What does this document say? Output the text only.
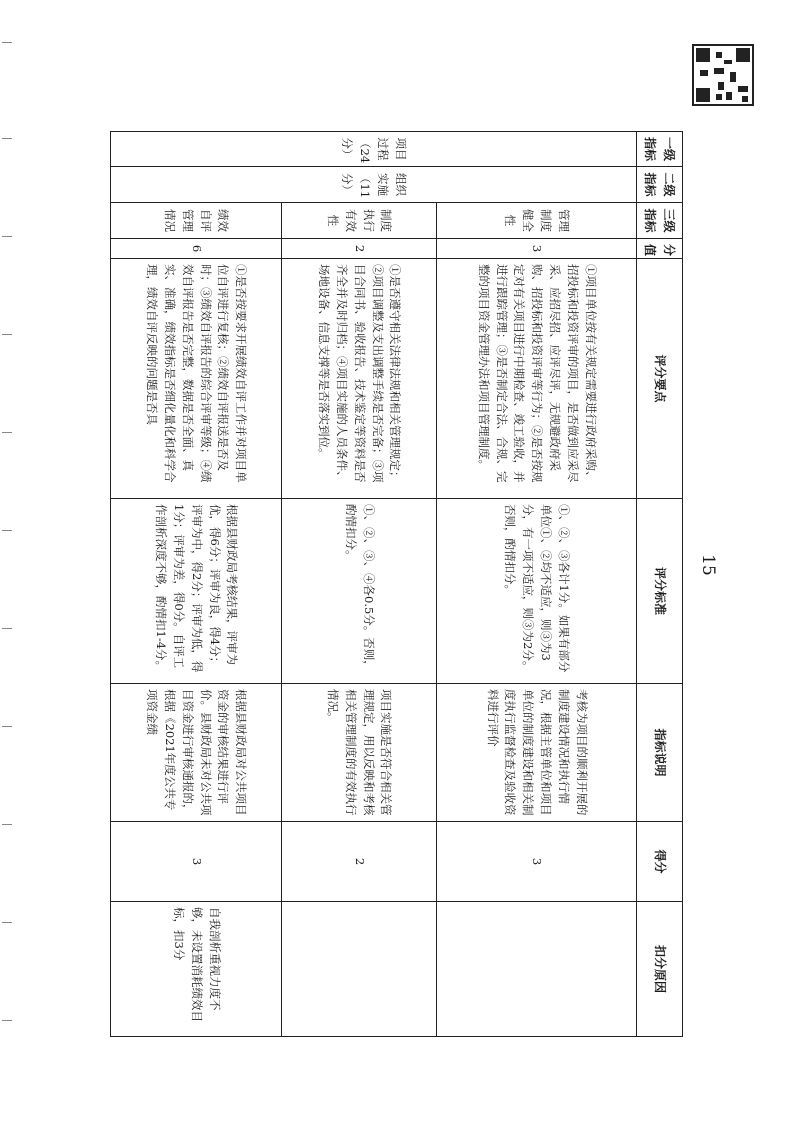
15
一级指标	二级指标	三级指标	分值	评分要点	评分标准	指标说明	得分	扣分原因
项目过程（24分）	组织实施（11分）	管理制度健全性	3	①项目单位按有关规定需要进行政府采购、招投标和投资评审的项目，是否做到应采尽采、应招尽招、应评尽评，无规避政府采购、招投标和投资评审等行为；②是否按规定对有关项目进行中期检查、竣工验收，并进行跟踪管理；③是否制定合法、合规、完整的项目资金管理办法和项目管理制度。	①、②、③各计1分。如果有部分单位①、②均不适应，则③为3分，有一项不适应，则③为2分。否则，酌情扣分。	考核为项目的顺利开展的制度建设情况和执行情况，根据主管单位和项目单位的制度建设和相关制度执行监督检查及验收资料进行评价	3	
		制度执行有效性	2	①是否遵守相关法律法规和相关管理规定；②项目调整及支出调整手续是否完备；③项目合同书、验收报告、技术鉴定等资料是否齐全并及时归档；④项目实施的人员条件、场地设备、信息支撑等是否落实到位。	①、②、③、④各0.5分。否则，酌情扣分。	项目实施是否符合相关管理规定，用以反映和考核相关管理制度的有效执行情况。	2	
		绩效自评管理情况	6	①是否按要求开展绩效自评工作并对项目单位自评进行复核；②绩效自评报送是否及时；③绩效自评报告的综合评审等级；④绩效自评报告是否完整，数据是否全面、真实、准确，绩效指标是否细化量化和科学合理，绩效自评反映的问题是否具	根据县财政局考核结果，评审为优，得6分；评审为良，得4分；评审为中，得2分；评审为低，得1分；评审为差，得0分。自评工作剖析深度不够，酌情扣1-4分。	根据县财政局对公共项目资金的审核结果进行评价。县财政局未对公共项目资金进行审核通报的，根据《2021年度公共专项资金绩	3	自我剖析重视力度不够，未设置消耗绩效目标，扣3分
